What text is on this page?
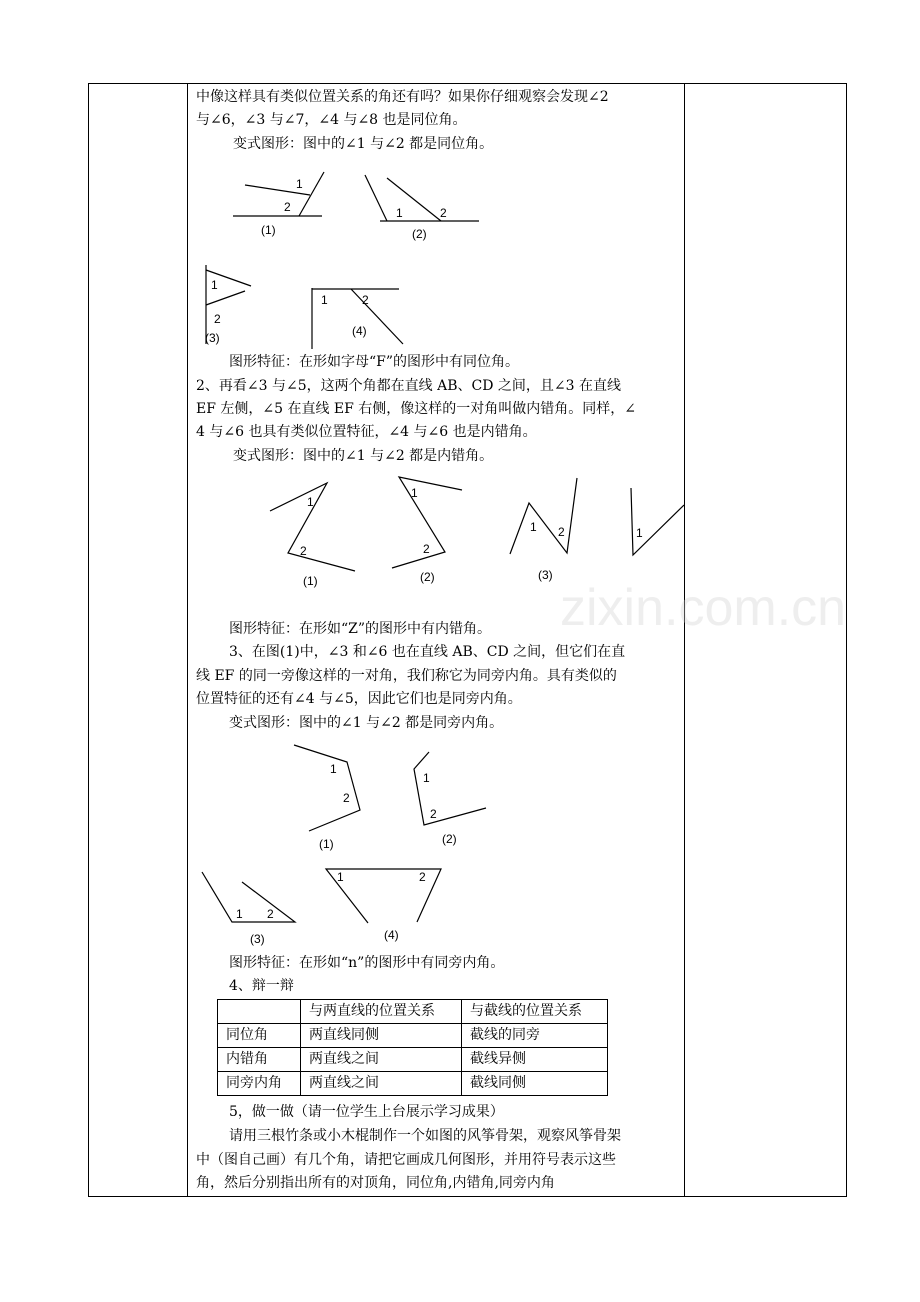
zixin.com.cn

中像这样具有类似位置关系的角还有吗？如果你仔细观察会发现∠2

与∠6，∠3 与∠7，∠4 与∠8 也是同位角。

变式图形：图中的∠1 与∠2 都是同位角。

1
2
(1)
1	2
(2)
1
2
(3)
1	2
(4)

图形特征：在形如字母“F”的图形中有同位角。

2、再看∠3 与∠5，这两个角都在直线 AB、CD 之间，且∠3 在直线

EF 左侧，∠5 在直线 EF 右侧，像这样的一对角叫做内错角。同样，∠

4 与∠6 也具有类似位置特征，∠4 与∠6 也是内错角。

变式图形：图中的∠1 与∠2 都是内错角。

1
2
(1)
1
2
(2)
1 2
(3)
1

图形特征：在形如“Z”的图形中有内错角。

3、在图(1)中，∠3 和∠6 也在直线 AB、CD 之间，但它们在直

线 EF 的同一旁像这样的一对角，我们称它为同旁内角。具有类似的

位置特征的还有∠4 与∠5，因此它们也是同旁内角。

变式图形：图中的∠1 与∠2 都是同旁内角。

1
2
(1)
1
2
(2)
1 2
(3)
1	2
(4)

图形特征：在形如“n”的图形中有同旁内角。

4、辩一辩

	与两直线的位置关系	与截线的位置关系
同位角	两直线同侧	截线的同旁
内错角	两直线之间	截线异侧
同旁内角	两直线之间	截线同侧

5，做一做（请一位学生上台展示学习成果）

请用三根竹条或小木棍制作一个如图的风筝骨架，观察风筝骨架

中（图自己画）有几个角，请把它画成几何图形，并用符号表示这些

角，然后分别指出所有的对顶角，同位角,内错角,同旁内角
